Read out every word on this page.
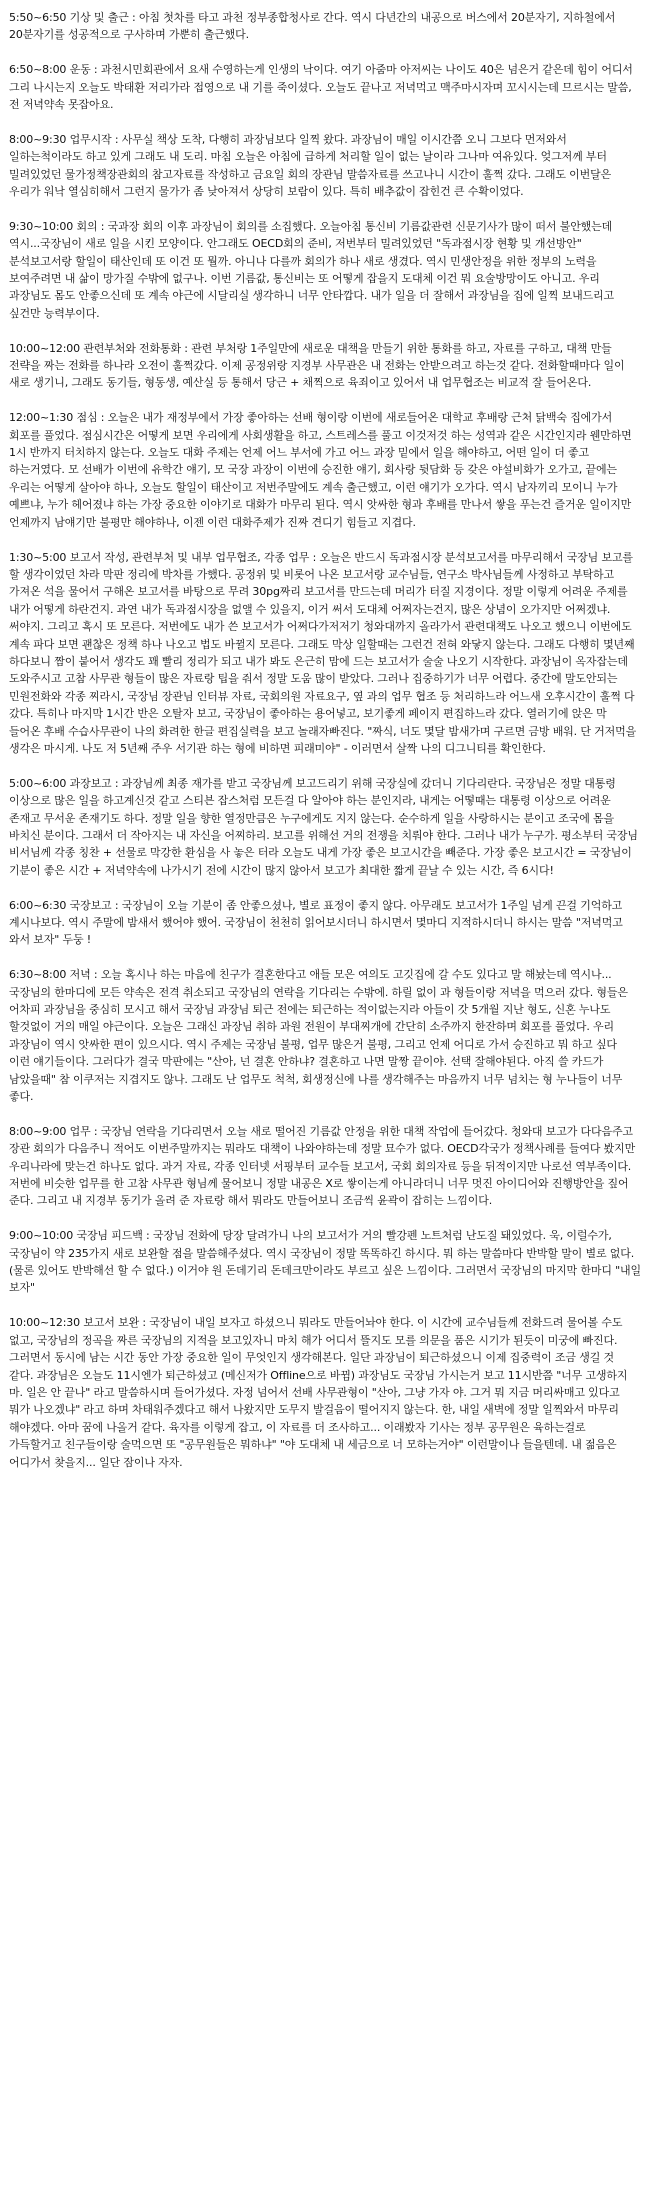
5:50~6:50 기상 및 출근 : 아침 첫차를 타고 과천 정부종합청사로 간다. 역시 다년간의 내공으로 버스에서 20분자기, 지하철에서 20분자기를 성공적으로 구사하며 가뿐히 출근했다.

6:50~8:00 운동 : 과천시민회관에서 요새 수영하는게 인생의 낙이다. 여기 아줌마 아저씨는 나이도 40은 넘은거 같은데 힘이 어디서 그리 나시는지 오늘도 박태환 저리가라 접영으로 내 기를 죽이셨다. 오늘도 끝나고 저녁먹고 맥주마시자며 꼬시시는데 므르시는 말씀, 전 저녁약속 못잡아요.

8:00~9:30 업무시작 : 사무실 책상 도착, 다행히 과장님보다 일찍 왔다. 과장님이 매일 이시간쯤 오니 그보다 먼저와서 일하는척이라도 하고 있게 그래도 내 도리. 마침 오늘은 아침에 급하게 처리할 일이 없는 날이라 그나마 여유있다. 엊그저께 부터 밀려있었던 물가정책장관회의 참고자료를 작성하고 금요일 회의 장관님 말씀자료를 쓰고나니 시간이 훌쩍 갔다. 그래도 이번달은 우리가 워낙 열심히해서 그런지 물가가 좀 낮아져서 상당히 보람이 있다. 특히 배추값이 잡힌건 큰 수확이었다.

9:30~10:00 회의 : 국과장 회의 이후 과장님이 회의를 소집했다. 오늘아침 통신비 기름값관련 신문기사가 많이 떠서 불안했는데 역시...국장님이 새로 일을 시킨 모양이다. 안그래도 OECD회의 준비, 저번부터 밀려있었던 "독과점시장 현황 및 개선방안" 분석보고서랑 할일이 태산인데 또 이건 또 뭘까. 아니나 다를까 회의가 하나 새로 생겼다. 역시 민생안정을 위한 정부의 노력을 보여주려면 내 삶이 망가질 수밖에 없구나. 이번 기름값, 통신비는 또 어떻게 잡을지 도대체 이건 뭐 요술방망이도 아니고. 우리 과장님도 몸도 안좋으신데 또 계속 야근에 시달리실 생각하니 너무 안타깝다. 내가 일을 더 잘해서 과장님을 집에 일찍 보내드리고 싶건만 능력부이다.

10:00~12:00 관련부처와 전화통화 : 관련 부처랑 1주일만에 새로운 대책을 만들기 위한 통화를 하고, 자료를 구하고, 대책 만들 전략을 짜는 전화를 하나라 오전이 훌쩍갔다. 이제 공정위랑 지경부 사무관은 내 전화는 안받으려고 하는것 같다. 전화할때마다 일이 새로 생기니, 그래도 동기들, 형동생, 예산실 등 통해서 당근 + 채찍으로 육죄이고 있어서 내 업무협조는 비교적 잘 들어온다.

12:00~1:30 점심 : 오늘은 내가 재정부에서 가장 좋아하는 선배 형이랑 이번에 새로들어온 대학교 후배랑 근처 닭백숙 집에가서 회포를 풀었다. 점심시간은 어떻게 보면 우리에게 사회생활을 하고, 스트레스를 풀고 이것저것 하는 성역과 같은 시간인지라 웬만하면 1시 반까지 터치하지 않는다. 오늘도 대화 주제는 언제 어느 부서에 가고 어느 과장 밑에서 일을 해야하고, 어떤 일이 더 좋고 하는거였다. 모 선배가 이번에 유학간 얘기, 모 국장 과장이 이번에 승진한 얘기, 회사랑 뒷담화 등 갖은 야설비화가 오가고, 끝에는 우리는 어떻게 살아야 하나, 오늘도 할일이 태산이고 저번주말에도 계속 출근했고, 이런 얘기가 오가다. 역시 남자끼리 모이니 누가 예쁘냐, 누가 헤어졌냐 하는 가장 중요한 이야기로 대화가 마무리 된다. 역시 앗싸한 형과 후배를 만나서 쌓을 푸는건 즐거운 일이지만 언제까지 남얘기만 불평만 해야하나, 이젠 이런 대화주제가 진짜 견디기 힘들고 지겹다.

1:30~5:00 보고서 작성, 관련부처 및 내부 업무협조, 각종 업무 : 오늘은 반드시 독과점시장 분석보고서를 마무리해서 국장님 보고를 할 생각이었던 차라 막판 정리에 박차를 가했다. 공정위 및 비롯어 나온 보고서랑 교수님들, 연구소 박사님들께 사정하고 부탁하고 가져온 석을 물어서 구해온 보고서를 바탕으로 무려 30pg짜리 보고서를 만드는데 머리가 터질 지경이다. 정말 이렇게 어려운 주제를 내가 어떻게 하란건지. 과연 내가 독과점시장을 없앨 수 있을지, 이거 써서 도대체 어쩌자는건지, 많은 상념이 오가지만 어쩌겠냐. 써야지. 그리고 혹시 또 모른다. 저번에도 내가 쓴 보고서가 어쩌다가저저기 청와대까지 올라가서 관련대책도 나오고 했으니 이번에도 계속 파다 보면 괜찮은 정책 하나 나오고 법도 바뀔지 모른다. 그래도 막상 일할때는 그런건 전혀 와닿지 않는다. 그래도 다행히 몇년째 하다보니 짬이 붙어서 생각도 꽤 빨리 정리가 되고 내가 봐도 은근히 맘에 드는 보고서가 술술 나오기 시작한다. 과장님이 옥자잡는데 도와주시고 고참 사무관 형들이 많은 자료랑 팁을 줘서 정말 도움 많이 받았다. 그러나 집중하기가 너무 어렵다. 중간에 말도안되는 민원전화와 각종 찌라시, 국장님 장관님 인터뷰 자료, 국회의원 자료요구, 옆 과의 업무 협조 등 처리하느라 어느새 오후시간이 훌쩍 다 갔다. 특히나 마지막 1시간 반은 오탈자 보고, 국장님이 좋아하는 용어넣고, 보기좋게 페이지 편집하느라 갔다. 열러기에 앉은 막 들어온 후배 수습사무관이 나의 화려한 한글 편집실력을 보고 놀래자빠진다. "짜식, 너도 몇달 밤새가며 구르면 금방 배워. 단 거저먹을 생각은 마시게. 나도 저 5년째 주우 서기관 하는 형에 비하면 피래미야" - 이러면서 살짝 나의 디그니티를 확인한다.

5:00~6:00 과장보고 : 과장님께 최종 재가를 받고 국장님께 보고드리기 위해 국장실에 갔더니 기다리란다. 국장님은 정말 대통령 이상으로 많은 일을 하고계신것 같고 스티븐 잡스처럼 모든걸 다 알아야 하는 분인지라, 내게는 어떻때는 대통령 이상으로 어려운 존재고 무서운 존재기도 하다. 정말 일을 향한 열정만큼은 누구에게도 지지 않는다. 순수하게 일을 사랑하시는 분이고 조국에 몸을 바치신 분이다. 그래서 더 작아지는 내 자신을 어찌하리. 보고를 위해선 거의 전쟁을 치뤄야 한다. 그러나 내가 누구가. 평소부터 국장님 비서님께 각종 칭찬 + 선물로 막강한 환심을 사 놓은 터라 오늘도 내게 가장 좋은 보고시간을 빼준다. 가장 좋은 보고시간 = 국장님이 기분이 좋은 시간 + 저녁약속에 나가시기 전에 시간이 많지 않아서 보고가 최대한 짧게 끝날 수 있는 시간, 즉 6시다!

6:00~6:30 국장보고 : 국장님이 오늘 기분이 좀 안좋으셨나, 별로 표정이 좋지 않다. 아무래도 보고서가 1주일 넘게 끈걸 기억하고 계시나보다. 역시 주말에 밤새서 했어야 했어. 국장님이 천천히 읽어보시더니 하시면서 몇마디 지적하시더니 하시는 말씀 "저녁먹고 와서 보자" 두둥 !

6:30~8:00 저녁 : 오늘 혹시나 하는 마음에 친구가 결혼한다고 애들 모은 여의도 고깃집에 갈 수도 있다고 말 해놨는데 역시나... 국장님의 한마디에 모든 약속은 전격 취소되고 국장님의 연락을 기다리는 수밖에. 하릴 없이 과 형들이랑 저녁을 먹으러 갔다. 형들은 어차피 과장님을 중심히 모시고 해서 국장님 과장님 퇴근 전에는 퇴근하는 적이없는지라 아들이 갓 5개월 지난 형도, 신혼 누나도 할것없이 거의 매일 야근이다. 오늘은 그래신 과장님 취하 과원 전원이 부대찌개에 간단히 소주까지 한잔하며 회포를 풀었다. 우리 과장님이 역시 앗싸한 편이 있으시다. 역시 주제는 국장님 불평, 업무 많은거 불평, 그리고 언제 어디로 가서 승진하고 뭐 하고 싶다 이런 얘기들이다. 그러다가 결국 막판에는 "산아, 넌 결혼 안하냐? 결혼하고 나면 말짱 끝이야. 선택 잘해야된다. 아직 쓸 카드가 남았을때" 참 이쿠저는 지겹지도 않나. 그래도 난 업무도 척척, 회생정신에 나를 생각해주는 마음까지 너무 넘치는 형 누나들이 너무 좋다.

8:00~9:00 업무 : 국장님 연락을 기다리면서 오늘 새로 떨어진 기름값 안정을 위한 대책 작업에 들어갔다. 청와대 보고가 다다음주고 장관 회의가 다음주니 적어도 이번주말까지는 뭐라도 대책이 나와야하는데 정말 묘수가 없다. OECD각국가 정책사례를 들여다 봤지만 우리나라에 맞는건 하나도 없다. 과거 자료, 각종 인터넷 서핑부터 교수들 보고서, 국회 회의자료 등을 뒤적이지만 나로선 역부족이다. 저번에 비슷한 업무를 한 고참 사무관 형님께 물어보니 정말 내공은 X로 쌓이는게 아니라더니 너무 멋진 아이디어와 진행방안을 짚어 준다. 그리고 내 지경부 동기가 올려 준 자료랑 해서 뭐라도 만들어보니 조금씩 윤곽이 잡히는 느낌이다.

9:00~10:00 국장님 피드백 : 국장님 전화에 당장 달려가니 나의 보고서가 거의 빨강펜 노트처럼 난도질 돼있었다. 욱, 이럴수가, 국장님이 약 235가지 새로 보완할 점을 말씀해주셨다. 역시 국장님이 정말 똑똑하긴 하시다. 뭐 하는 말씀마다 반박할 말이 별로 없다. (물론 있어도 반박해선 할 수 없다.) 이거야 원 돈데기리 돈데크만이라도 부르고 싶은 느낌이다. 그러면서 국장님의 마지막 한마디 "내일 보자"

10:00~12:30 보고서 보완 : 국장님이 내일 보자고 하셨으니 뭐라도 만들어놔야 한다. 이 시간에 교수님들께 전화드려 물어볼 수도 없고, 국장님의 정곡을 짜른 국장님의 지적을 보고있자니 마치 해가 어디서 뜰지도 모를 의문을 품은 시기가 된듯이 미궁에 빠진다. 그러면서 동시에 남는 시간 동안 가장 중요한 일이 무엇인지 생각해본다. 일단 과장님이 퇴근하셨으니 이제 집중력이 조금 생길 것 같다. 과장님은 오늘도 11시엔가 퇴근하셨고 (메신저가 Offline으로 바뀜) 과장님도 국장님 가시는거 보고 11시반쯤 "너무 고생하지 마. 일은 안 끝나" 라고 말씀하시며 들어가셨다. 자정 넘어서 선배 사무관형이 "산아, 그냥 가자 야. 그거 뭐 지금 머리싸매고 있다고 뭐가 나오겠냐" 라고 하며 차태워주겠다고 해서 나왔지만 도무지 발걸음이 떨어지지 않는다. 한, 내일 새벽에 정말 일찍와서 마무리 해야겠다. 아마 꿈에 나올거 같다. 육자를 이렇게 잡고, 이 자료를 더 조사하고... 이래봤자 기사는 정부 공무원은 육하는걸로 가득할거고 친구들이랑 술먹으면 또 "공무원들은 뭐하냐" "야 도대체 내 세금으로 너 모하는거야" 이런말이나 들을텐데. 내 젊음은 어디가서 찾을지... 일단 잠이나 자자.
